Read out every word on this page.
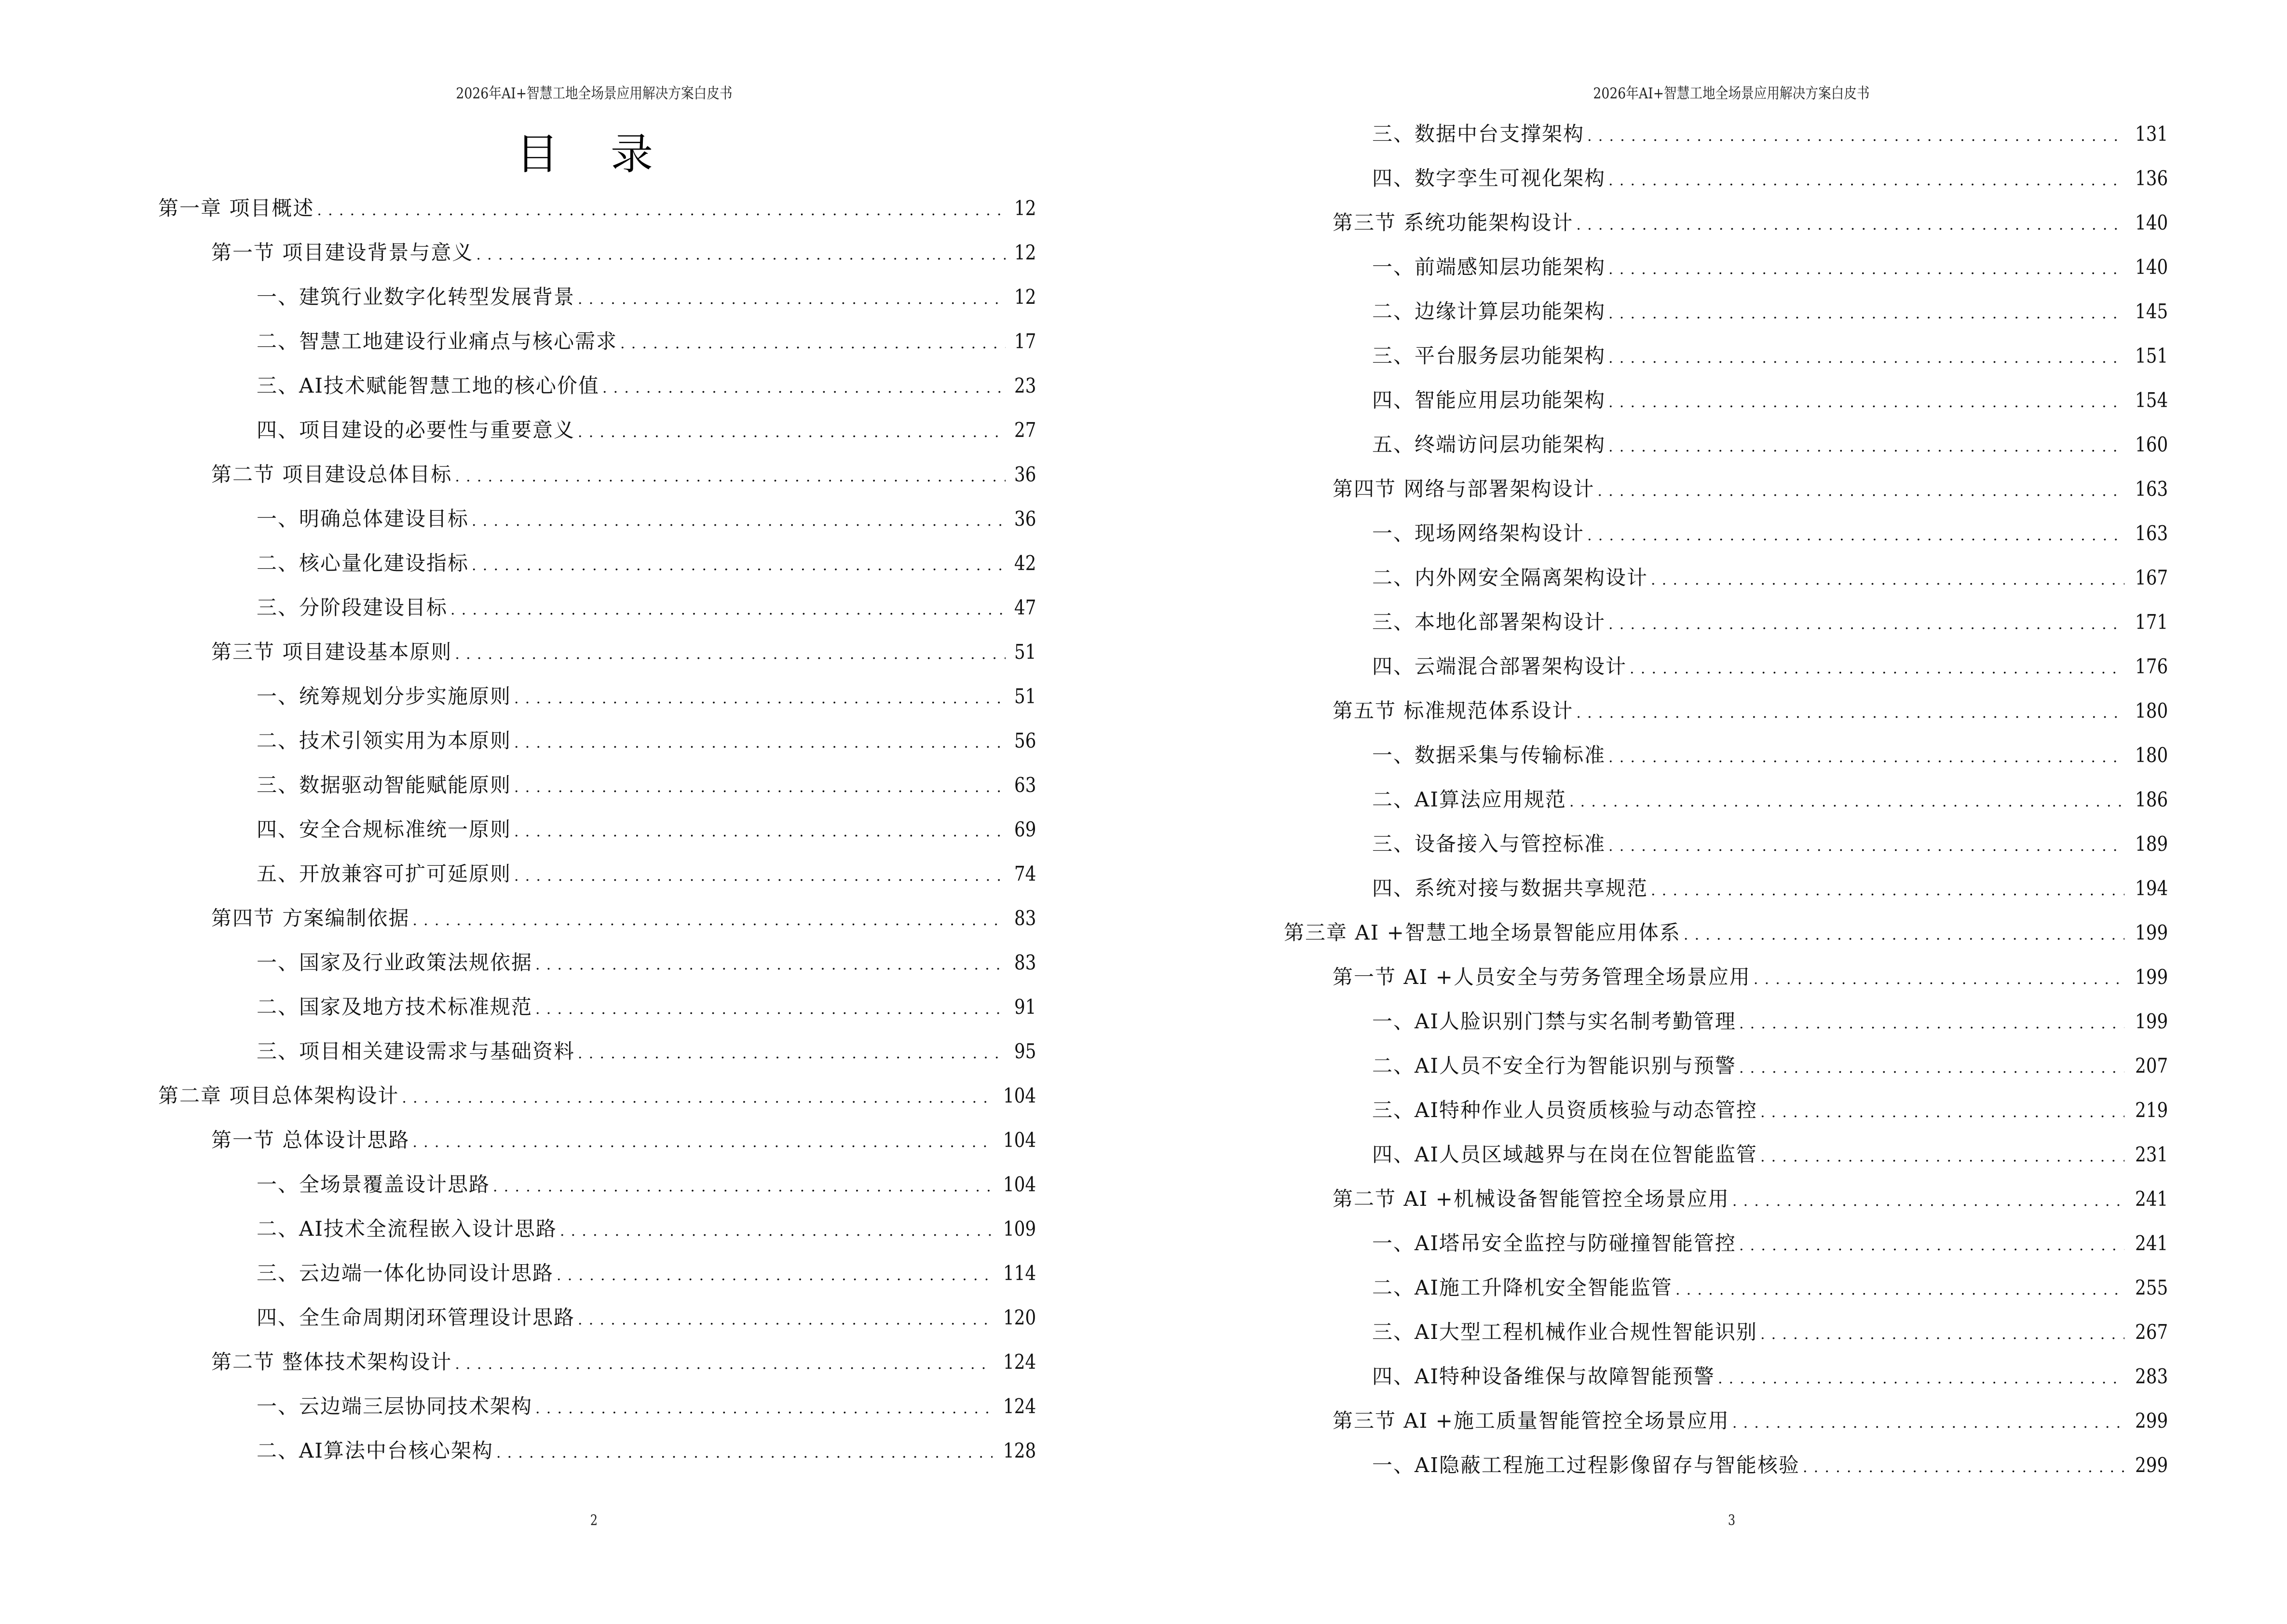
2026年AI+智慧工地全场景应用解决方案白皮书
目 录
第一章 项目概述 .....	12
第一节 项目建设背景与意义 .....	12
一、建筑行业数字化转型发展背景 .....	12
二、智慧工地建设行业痛点与核心需求 .....	17
三、AI技术赋能智慧工地的核心价值 .....	23
四、项目建设的必要性与重要意义 .....	27
第二节 项目建设总体目标 .....	36
一、明确总体建设目标 .....	36
二、核心量化建设指标 .....	42
三、分阶段建设目标 .....	47
第三节 项目建设基本原则 .....	51
一、统筹规划分步实施原则 .....	51
二、技术引领实用为本原则 .....	56
三、数据驱动智能赋能原则 .....	63
四、安全合规标准统一原则 .....	69
五、开放兼容可扩可延原则 .....	74
第四节 方案编制依据 .....	83
一、国家及行业政策法规依据 .....	83
二、国家及地方技术标准规范 .....	91
三、项目相关建设需求与基础资料 .....	95
第二章 项目总体架构设计 .....	104
第一节 总体设计思路 .....	104
一、全场景覆盖设计思路 .....	104
二、AI技术全流程嵌入设计思路 .....	109
三、云边端一体化协同设计思路 .....	114
四、全生命周期闭环管理设计思路 .....	120
第二节 整体技术架构设计 .....	124
一、云边端三层协同技术架构 .....	124
二、AI算法中台核心架构 .....	128
2
2026年AI+智慧工地全场景应用解决方案白皮书
三、数据中台支撑架构 .....	131
四、数字孪生可视化架构 .....	136
第三节 系统功能架构设计 .....	140
一、前端感知层功能架构 .....	140
二、边缘计算层功能架构 .....	145
三、平台服务层功能架构 .....	151
四、智能应用层功能架构 .....	154
五、终端访问层功能架构 .....	160
第四节 网络与部署架构设计 .....	163
一、现场网络架构设计 .....	163
二、内外网安全隔离架构设计 .....	167
三、本地化部署架构设计 .....	171
四、云端混合部署架构设计 .....	176
第五节 标准规范体系设计 .....	180
一、数据采集与传输标准 .....	180
二、AI算法应用规范 .....	186
三、设备接入与管控标准 .....	189
四、系统对接与数据共享规范 .....	194
第三章 AI +智慧工地全场景智能应用体系 .....	199
第一节 AI +人员安全与劳务管理全场景应用 .....	199
一、AI人脸识别门禁与实名制考勤管理 .....	199
二、AI人员不安全行为智能识别与预警 .....	207
三、AI特种作业人员资质核验与动态管控 .....	219
四、AI人员区域越界与在岗在位智能监管 .....	231
第二节 AI +机械设备智能管控全场景应用 .....	241
一、AI塔吊安全监控与防碰撞智能管控 .....	241
二、AI施工升降机安全智能监管 .....	255
三、AI大型工程机械作业合规性智能识别 .....	267
四、AI特种设备维保与故障智能预警 .....	283
第三节 AI +施工质量智能管控全场景应用 .....	299
一、AI隐蔽工程施工过程影像留存与智能核验 .....	299
3
